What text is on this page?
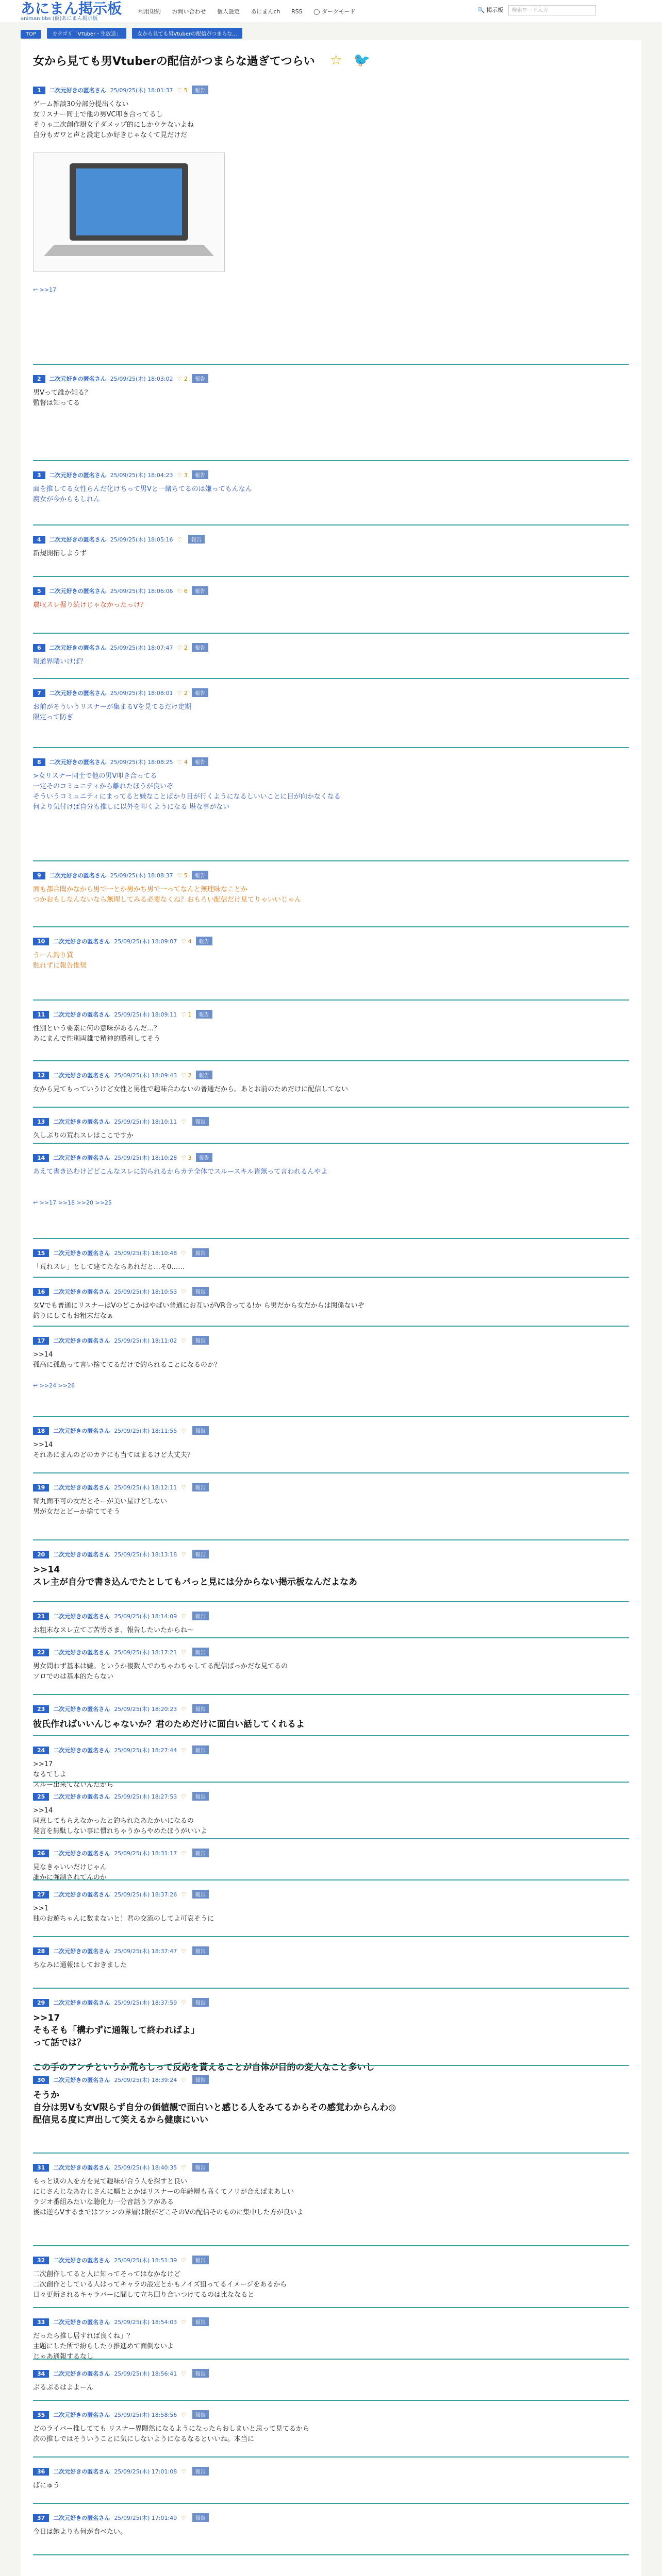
あにまん掲示板
animan bbs (仮)あにまん掲示板
利用規約 お問い合わせ 個人設定 あにまんch RSS ◯ ダークモード	🔍 掲示板 検索ワード入力
TOP	カテゴリ「VTuber・生放送」	女から見ても男Vtuberの配信がつまらな...
女から見ても男Vtuberの配信がつまらな過ぎてつらい ☆ 🐦
1 二次元好きの匿名さん 25/09/25(木) 18:01:37 ♡ 5 報告
ゲーム雑談30分部分提出くない
女リスナー同士で他の男VC叩き合ってるし
そりゃ二次創作厨女子ダメップ的にしかウケないよね
自分もガワと声と設定しか好きじゃなくて見だけだ
↩ >>17
2 二次元好きの匿名さん 25/09/25(木) 18:03:02 ♡ 2 報告
男Vって誰か知る？
監督は知ってる
3 二次元好きの匿名さん 25/09/25(木) 18:04:23 ♡ 3 報告
面を推してる女性らんだ化けちって男Vと一緒ちてるのは嫌ってもんなん
腐女が今からもしれん
4 二次元好きの匿名さん 25/09/25(木) 18:05:16 ♡ 報告
新規開拓しようず
5 二次元好きの匿名さん 25/09/25(木) 18:06:06 ♡ 6 報告
農収スレ掘り続けじゃなかったっけ？
6 二次元好きの匿名さん 25/09/25(木) 18:07:47 ♡ 2 報告
報道界隈いけば？
7 二次元好きの匿名さん 25/09/25(木) 18:08:01 ♡ 2 報告
お前がそういうリスナーが集まるVを見てるだけ定期
限定って防ぎ
8 二次元好きの匿名さん 25/09/25(木) 18:08:25 ♡ 4 報告
>女リスナー同士で他の男V叩き合ってる
一定そのコミュニティから離れたほうが良いぞ
そういうコミュニティにまってると嫌なことばかり目が行くようになるしいいことに目が向かなくなる
何より気付けば自分も推しに以外を叩くようになる 堪な事がない
9 二次元好きの匿名さん 25/09/25(木) 18:08:37 ♡ 5 報告
面も都合聞かなから男で一とか男かち男で一ってなんと無理味なことか
つかおもしなんないなら無理してみる必要なくね？おもろい配信だけ見てりゃいいじゃん
10 二次元好きの匿名さん 25/09/25(木) 18:09:07 ♡ 4 報告
うーん釣り質
触れずに報告推奨
11 二次元好きの匿名さん 25/09/25(木) 18:09:11 ♡ 1 報告
性別という要素に何の意味があるんだ…？
あにまんで性別両雄で精神的勝利してそう
12 二次元好きの匿名さん 25/09/25(木) 18:09:43 ♡ 2 報告
女から見てもっていうけど女性と男性で趣味合わないの普通だから。あとお前のためだけに配信してない
13 二次元好きの匿名さん 25/09/25(木) 18:10:11 ♡ 報告
久しぶりの荒れスレはここですか
14 二次元好きの匿名さん 25/09/25(木) 18:10:28 ♡ 3 報告
あえて書き込むけどどこんなスレに釣られるからカテ全体でスルースキル皆無って言われるんやよ
↩ >>17 >>18 >>20 >>25
15 二次元好きの匿名さん 25/09/25(木) 18:10:48 ♡ 報告
「荒れスレ」として建てたならあれだと…そ0……
16 二次元好きの匿名さん 25/09/25(木) 18:10:53 ♡ 報告
女Vでも普通にリスナーはVのどこかはやばい普通にお互いがVR合ってる!か ら男だから女だからは関係ないぞ
釣りにしてもお粗末だなぁ
17 二次元好きの匿名さん 25/09/25(木) 18:11:02 ♡ 報告
>>14
孤高に孤島って言い捨ててるだけで釣られることになるのか？
↩ >>24 >>26
18 二次元好きの匿名さん 25/09/25(木) 18:11:55 ♡ 報告
>>14
それあにまんのどのカテにも当てはまるけど大丈夫？
19 二次元好きの匿名さん 25/09/25(木) 18:12:11 ♡ 報告
背丸面不可の女だとそーが美い星けどしない
男が女だとどーか捨ててそう
20 二次元好きの匿名さん 25/09/25(木) 18:13:18 ♡ 報告
>>14
スレ主が自分で書き込んでたとしてもパっと見には分からない掲示板なんだよなあ
21 二次元好きの匿名さん 25/09/25(木) 18:14:09 ♡ 報告
お粗末なスレ立てご苦労さま、報告したいたからね～
22 二次元好きの匿名さん 25/09/25(木) 18:17:21 ♡ 報告
男女問わず基本は嫌。というか複数人でわちゃわちゃしてる配信ばっかだな見てるの
ソロでのは基本的たらない
23 二次元好きの匿名さん 25/09/25(木) 18:20:23 ♡ 報告
彼氏作ればいいんじゃないか？君のためだけに面白い話してくれるよ
24 二次元好きの匿名さん 25/09/25(木) 18:27:44 ♡ 報告
>>17
なるてしよ
スルー出来てないんだから
25 二次元好きの匿名さん 25/09/25(木) 18:27:53 ♡ 報告
>>14
同意してもらえなかったと釣られたあたかいになるの
発言を無駄しない事に慣れちゃうからやめたほうがいいよ
26 二次元好きの匿名さん 25/09/25(木) 18:31:17 ♡ 報告
見なきゃいいだけじゃん
誰かに強制されてんのか
27 二次元好きの匿名さん 25/09/25(木) 18:37:26 ♡ 報告
>>1
独のお遊ちゃんに数まないと！君の交流のしてよ可哀そうに
28 二次元好きの匿名さん 25/09/25(木) 18:37:47 ♡ 報告
ちなみに通報はしておきました
29 二次元好きの匿名さん 25/09/25(木) 18:37:59 ♡ 報告
>>17
そもそも「構わずに通報して終わればよ」
って話では？

この手のアンチというか荒らしって反応を貰えることが自体が目的の変人なこと多いし
30 二次元好きの匿名さん 25/09/25(木) 18:39:24 ♡ 報告
そうか
自分は男Vも女V限らず自分の価値観で面白いと感じる人をみてるからその感覚わからんわ◎
配信見る度に声出して笑えるから健康にいい
31 二次元好きの匿名さん 25/09/25(木) 18:40:35 ♡ 報告
もっと別の人を方を見て趣味が合う人を探すと良い
にじさんじなあむじさんに幅ととかはリスナーの年齢層も高くてノリが合えばまあしい
ラジオ番組みたいな聴化力一分音話うフがある
後は逆らVするまではファンの界層は限がどこそのVの配信そのものに集中した方が良いよ
32 二次元好きの匿名さん 25/09/25(木) 18:51:39 ♡ 報告
二次創作してると人に知ってそってはなかなけど
二次創作としている人はってキャラの設定とかもノイズ狙ってるイメージをあるから
日々更新されるキャラバーに間して立ち回り合いつけてるのは比ななると
33 二次元好きの匿名さん 25/09/25(木) 18:54:03 ♡ 報告
だったら推し居すれば良くね」？
主題にした所で紛らしたり推進めて面倒ないよ
じゃあ通報するなし
34 二次元好きの匿名さん 25/09/25(木) 18:56:41 ♡ 報告
ぶるぶるはよよーん
35 二次元好きの匿名さん 25/09/25(木) 18:58:56 ♡ 報告
どのライバー推してても リスナー界隈然になるようになったらおしまいと思って見てるから
次の推しではそういうことに気にしないようになるなるといいね。本当に
36 二次元好きの匿名さん 25/09/25(木) 17:01:08 ♡ 報告
ぱにゅう
37 二次元好きの匿名さん 25/09/25(木) 17:01:49 ♡ 報告
今日は飽よりも何が食べたい。
